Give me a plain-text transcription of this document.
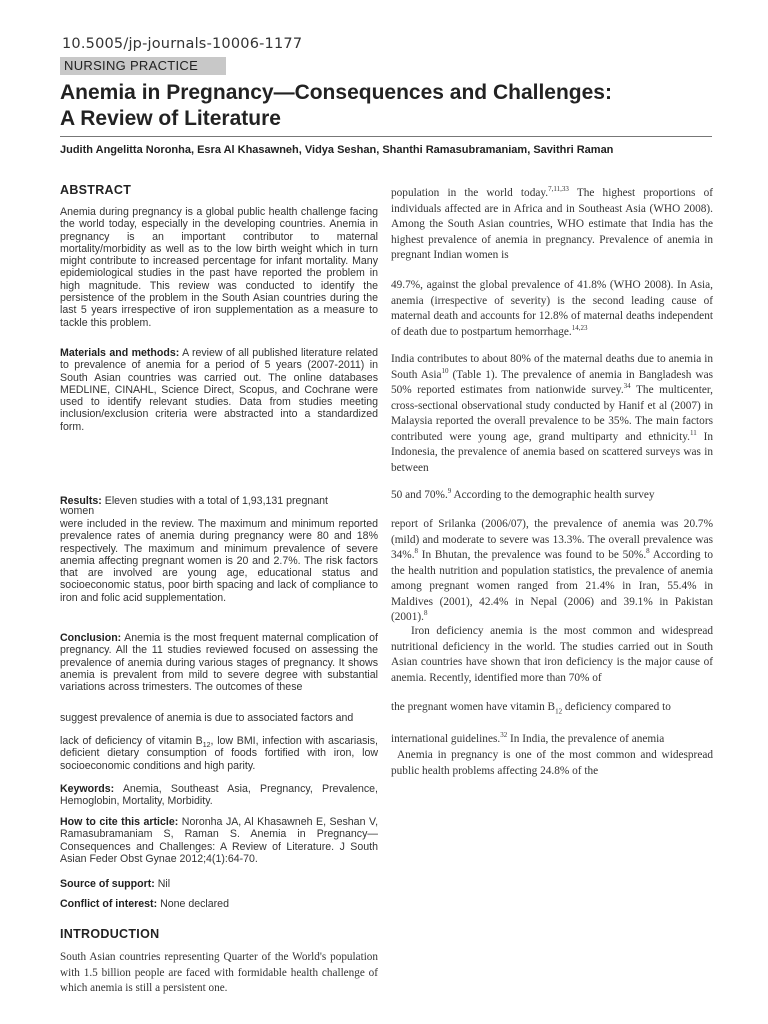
10.5005/jp-journals-10006-1177
NURSING PRACTICE
Anemia in Pregnancy—Consequences and Challenges:
A Review of Literature
Judith Angelitta Noronha, Esra Al Khasawneh, Vidya Seshan, Shanthi Ramasubramaniam, Savithri Raman
ABSTRACT

Anemia during pregnancy is a global public health challenge facing the world today, especially in the developing countries. Anemia in pregnancy is an important contributor to maternal mortality/morbidity as well as to the low birth weight which in turn might contribute to increased percentage for infant mortality. Many epidemiological studies in the past have reported the problem in high magnitude. This review was conducted to identify the persistence of the problem in the South Asian countries during the last 5 years irrespective of iron supplementation as a measure to tackle this problem.

Materials and methods: A review of all published literature related to prevalence of anemia for a period of 5 years (2007-2011) in South Asian countries was carried out. The online databases MEDLINE, CINAHL, Science Direct, Scopus, and Cochrane were used to identify relevant studies. Data from studies meeting inclusion/exclusion criteria were abstracted into a standardized form.

Results: Eleven studies with a total of 1,93,131 pregnant
women

were included in the review. The maximum and minimum reported prevalence rates of anemia during pregnancy were 80 and 18% respectively. The maximum and minimum prevalence of severe anemia affecting pregnant women is 20 and 2.7%. The risk factors that are involved are young age, educational status and socioeconomic status, poor birth spacing and lack of compliance to iron and folic acid supplementation.

Conclusion: Anemia is the most frequent maternal complication of pregnancy. All the 11 studies reviewed focused on assessing the prevalence of anemia during various stages of pregnancy. It shows anemia is prevalent from mild to severe degree with substantial variations across trimesters. The outcomes of these

suggest prevalence of anemia is due to associated factors and

lack of deficiency of vitamin $B_{12}$, low BMI, infection with ascariasis, deficient dietary consumption of foods fortified with iron, low socioeconomic conditions and high parity.

Keywords: Anemia, Southeast Asia, Pregnancy, Prevalence, Hemoglobin, Mortality, Morbidity.

How to cite this article: Noronha JA, Al Khasawneh E, Seshan V, Ramasubramaniam S, Raman S. Anemia in Pregnancy— Consequences and Challenges: A Review of Literature. J South Asian Feder Obst Gynae 2012;4(1):64-70.

Source of support: Nil

Conflict of interest: None declared

INTRODUCTION

South Asian countries representing Quarter of the World's population with 1.5 billion people are faced with formidable health challenge of which anemia is still a persistent one.

population in the world today.$^{7,11,33}$ The highest proportions of individuals affected are in Africa and in Southeast Asia (WHO 2008). Among the South Asian countries, WHO estimate that India has the highest prevalence of anemia in pregnancy. Prevalence of anemia in pregnant Indian women is

49.7%, against the global prevalence of 41.8% (WHO 2008). In Asia, anemia (irrespective of severity) is the second leading cause of maternal death and accounts for 12.8% of maternal deaths independent of death due to postpartum hemorrhage.$^{14,23}$

India contributes to about 80% of the maternal deaths due to anemia in South Asia$^{10}$ (Table 1). The prevalence of anemia in Bangladesh was 50% reported estimates from nationwide survey.$^{34}$ The multicenter, cross-sectional observational study conducted by Hanif et al (2007) in Malaysia reported the overall prevalence to be 35%. The main factors contributed were young age, grand multiparty and ethnicity.$^{11}$ In Indonesia, the prevalence of anemia based on scattered surveys was in between

50 and 70%.$^9$ According to the demographic health survey

report of Srilanka (2006/07), the prevalence of anemia was 20.7% (mild) and moderate to severe was 13.3%. The overall prevalence was 34%.$^8$ In Bhutan, the prevalence was found to be 50%.$^8$ According to the health nutrition and population statistics, the prevalence of anemia among pregnant women ranged from 21.4% in Iran, 55.4% in Maldives (2001), 42.4% in Nepal (2006) and 39.1% in Pakistan (2001).$^8$

Iron deficiency anemia is the most common and widespread nutritional deficiency in the world. The studies carried out in South Asian countries have shown that iron deficiency is the major cause of anemia. Recently, identified more than 70% of

the pregnant women have vitamin $B_{12}$ deficiency compared to

international guidelines.$^{32}$ In India, the prevalence of anemia

Anemia in pregnancy is one of the most common and widespread public health problems affecting 24.8% of the
